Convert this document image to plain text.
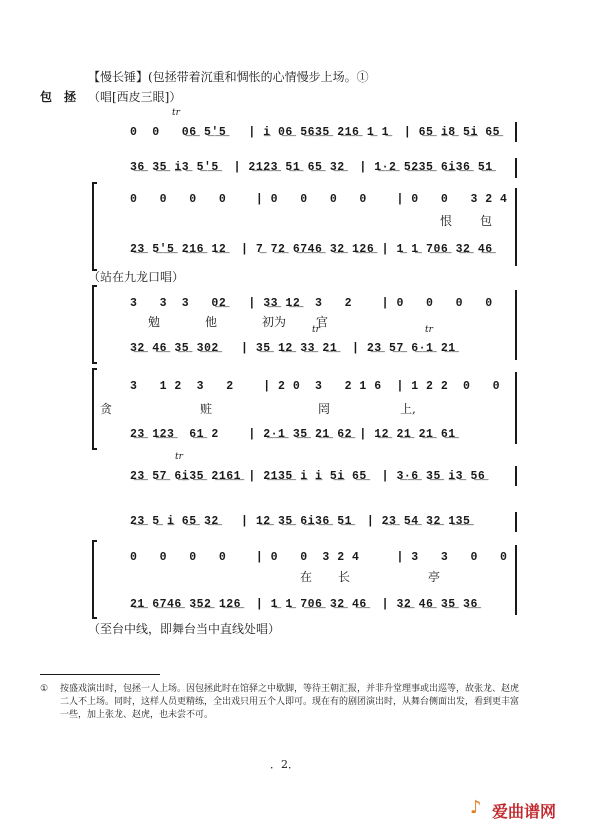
【慢长锤】(包拯带着沉重和惆怅的心情慢步上场。①
包　拯 （唱[西皮三眼]）
tr
0  0   0̲6̲ 5̲'̲5̲   | i̲ 0̲6̲ 5̲6̲3̲5̲ 2̲1̲6̲ 1̲ 1̲  | 6̲5̲ i̲8̲ 5̲i̲ 6̲5̲
3̲6̲ 3̲5̲ i̲3̲ 5̲'̲5̲  | 2̲1̲2̲3̲ 5̲1̲ 6̲5̲ 3̲2̲  | 1̲·̲2̲ 5̲2̲3̲5̲ 6̲i̲3̲6̲ 5̲1̲
0   0   0   0    | 0   0   0   0    | 0   0   3 2 4
恨 包
2̲3̲ 5̲'̲5̲ 2̲1̲6̲ 1̲2̲  | 7̲ 7̲2̲ 6̲7̲4̲6̲ 3̲2̲ 1̲2̲6̲ | 1̲ 1̲ 7̲0̲6̲ 3̲2̲ 4̲6̲
（站在九龙口唱）
3   3  3   0̲2̲   | 3̲3̲ 1̲2̲  3   2    | 0   0   0   0
勉	他	初为 官
tr	tr
3̲2̲ 4̲6̲ 3̲5̲ 3̲0̲2̲   | 3̲5̲ 1̲2̲ 3̲3̲ 2̲1̲  | 2̲3̲ 5̲7̲ 6̲·̲1̲ 2̲1̲
3   1 2  3   2    | 2 0  3   2 1 6  | 1 2 2  0   0
贪	赃	罔	上,
2̲3̲ 1̲2̲3̲  6̲1̲ 2    | 2̲·̲1̲ 3̲5̲ 2̲1̲ 6̲2̲ | 1̲2̲ 2̲1̲ 2̲1̲ 6̲1̲
tr
2̲3̲ 5̲7̲ 6̲i̲3̲5̲ 2̲1̲6̲1̲ | 2̲1̲3̲5̲ i̲ i̲ 5̲i̲ 6̲5̲  | 3̲·̲6̲ 3̲5̲ i̲3̲ 5̲6̲
2̲3̲ 5̲ i̲ 6̲5̲ 3̲2̲   | 1̲2̲ 3̲5̲ 6̲i̲3̲6̲ 5̲1̲  | 2̲3̲ 5̲4̲ 3̲2̲ 1̲3̲5̲
0   0   0   0    | 0   0  3 2 4     | 3   3   0   0
在 长	亭
2̲1̲ 6̲7̲4̲6̲ 3̲5̲2̲ 1̲2̲6̲  | 1̲ 1̲ 7̲0̲6̲ 3̲2̲ 4̲6̲  | 3̲2̲ 4̲6̲ 3̲5̲ 3̲6̲
（至台中线，即舞台当中直线处唱）
① 按盛戏演出时，包拯一人上场。因包拯此时在馆驿之中歇脚，等待王朝汇报，并非升堂理事或出巡等，故张龙、赵虎二人不上场。同时，这样人员更精练，全出戏只用五个人即可。现在有的剧团演出时，从舞台侧面出发，看到更丰富一些，加上张龙、赵虎，也未尝不可。
．2．
♪ 爱曲谱网
